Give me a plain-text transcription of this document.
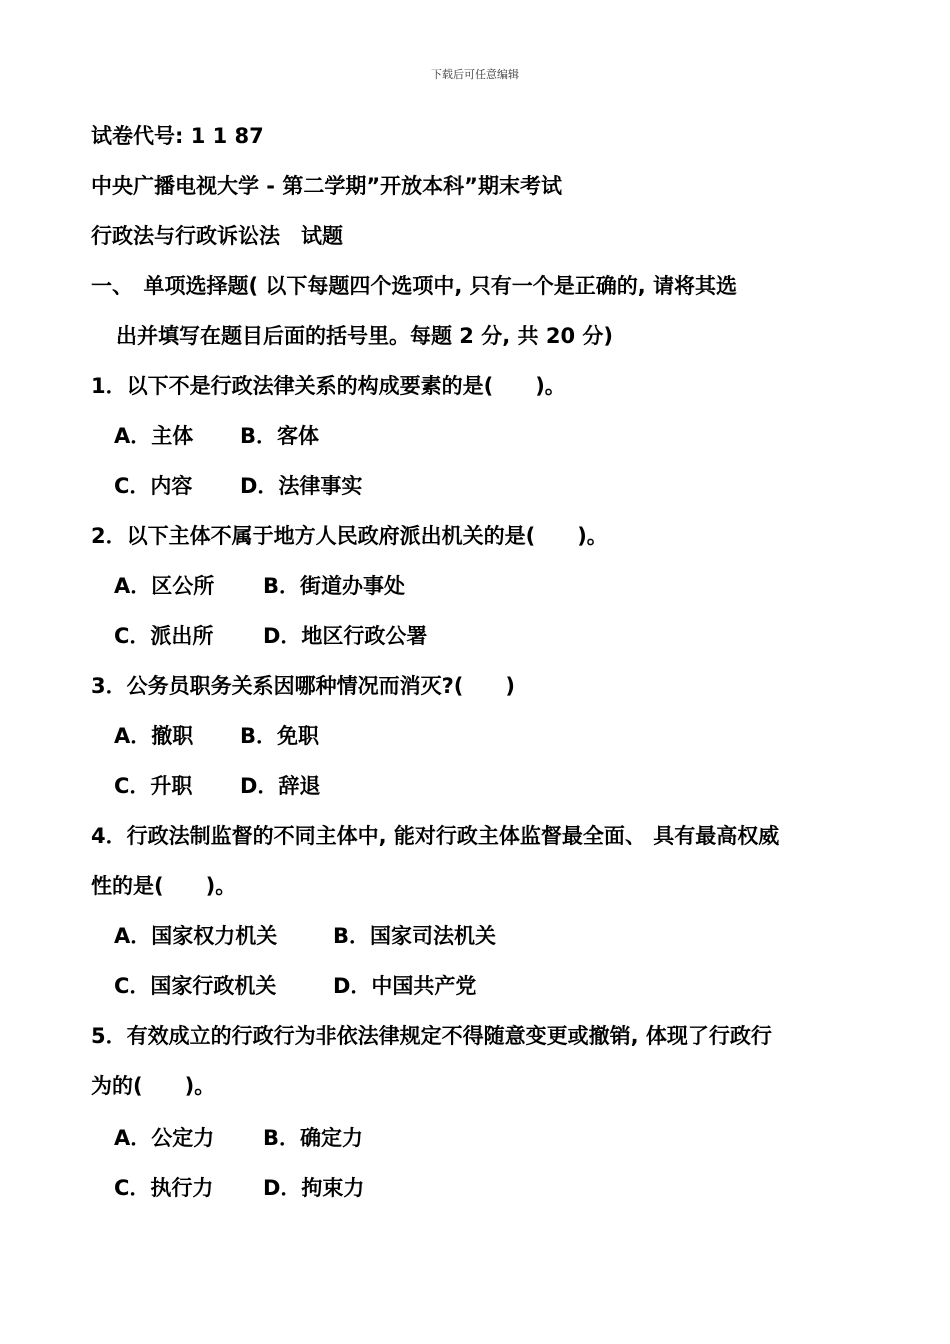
下载后可任意编辑
试卷代号: 1 1 87
中央广播电视大学 - 第二学期”开放本科”期末考试
行政法与行政诉讼法　试题
一、　单项选择题( 以下每题四个选项中, 只有一个是正确的, 请将其选
出并填写在题目后面的括号里。每题 2 分, 共 20 分)
1．以下不是行政法律关系的构成要素的是(　　)。
A．主体 B．客体
C．内容 D．法律事实
2．以下主体不属于地方人民政府派出机关的是(　　)。
A．区公所 B．街道办事处
C．派出所 D．地区行政公署
3．公务员职务关系因哪种情况而消灭?(　　)
A．撤职 B．免职
C．升职 D．辞退
4．行政法制监督的不同主体中, 能对行政主体监督最全面、 具有最高权威
性的是(　　)。
A．国家权力机关	B．国家司法机关
C．国家行政机关	D．中国共产党
5．有效成立的行政行为非依法律规定不得随意变更或撤销, 体现了行政行
为的(　　)。
A．公定力 B．确定力
C．执行力 D．拘束力
